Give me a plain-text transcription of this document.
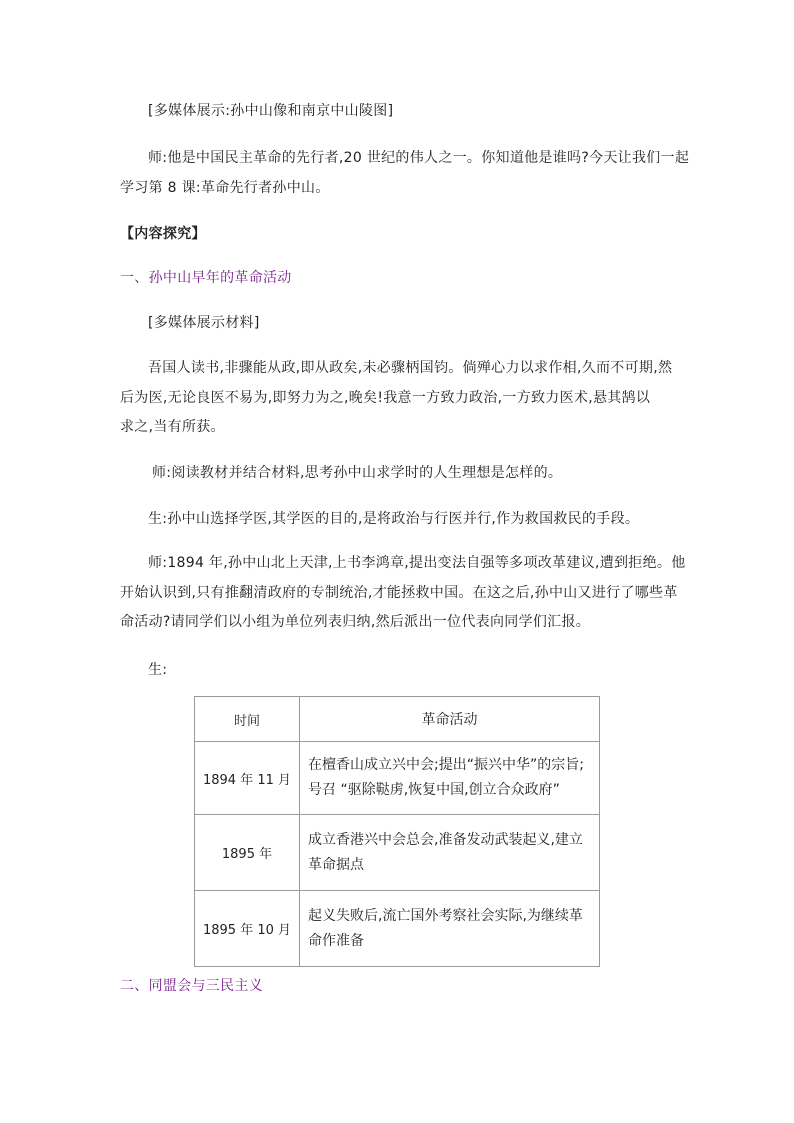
[多媒体展示:孙中山像和南京中山陵图]
师:他是中国民主革命的先行者,20 世纪的伟人之一。你知道他是谁吗?今天让我们一起
学习第 8 课:革命先行者孙中山。
【内容探究】
一、孙中山早年的革命活动
[多媒体展示材料]
吾国人读书,非骤能从政,即从政矣,未必骤柄国钧。倘殚心力以求作相,久而不可期,然
后为医,无论良医不易为,即努力为之,晚矣!我意一方致力政治,一方致力医术,悬其鹄以
求之,当有所获。
师:阅读教材并结合材料,思考孙中山求学时的人生理想是怎样的。
生:孙中山选择学医,其学医的目的,是将政治与行医并行,作为救国救民的手段。
师:1894 年,孙中山北上天津,上书李鸿章,提出变法自强等多项改革建议,遭到拒绝。他
开始认识到,只有推翻清政府的专制统治,才能拯救中国。在这之后,孙中山又进行了哪些革
命活动?请同学们以小组为单位列表归纳,然后派出一位代表向同学们汇报。
生:
时间	革命活动
1894 年 11 月	在檀香山成立兴中会;提出“振兴中华”的宗旨;
号召 “驱除鞑虏,恢复中国,创立合众政府”

1895 年	成立香港兴中会总会,准备发动武装起义,建立
革命据点

1895 年 10 月	起义失败后,流亡国外考察社会实际,为继续革
命作准备
二、同盟会与三民主义
